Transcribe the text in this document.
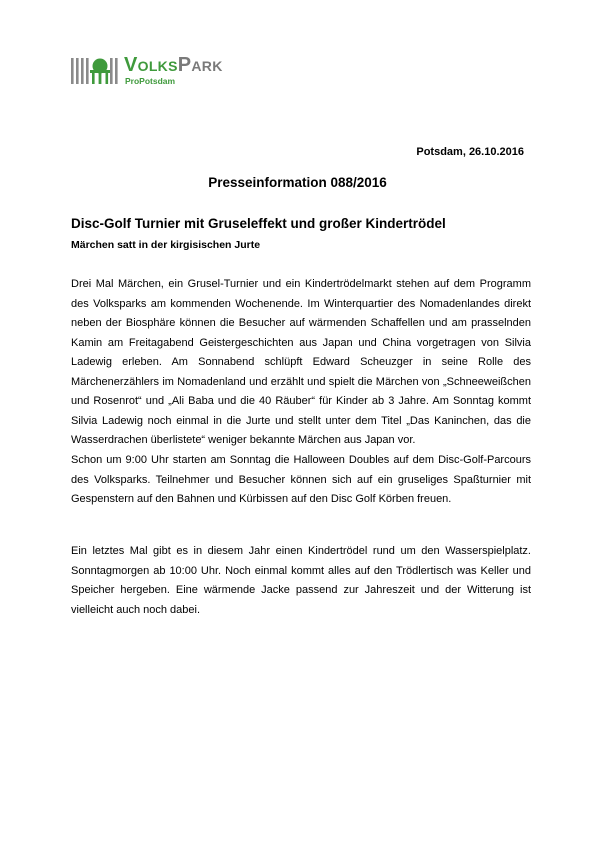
VolksPark
ProPotsdam
Potsdam, 26.10.2016
Presseinformation 088/2016
Disc-Golf Turnier mit Gruseleffekt und großer Kindertrödel
Märchen satt in der kirgisischen Jurte
Drei Mal Märchen, ein Grusel-Turnier und ein Kindertrödelmarkt stehen auf dem Programm des Volksparks am kommenden Wochenende. Im Winterquartier des Nomadenlandes direkt neben der Biosphäre können die Besucher auf wärmenden Schaffellen und am prasselnden Kamin am Freitagabend Geistergeschichten aus Japan und China vorgetragen von Silvia Ladewig erleben. Am Sonnabend schlüpft Edward Scheuzger in seine Rolle des Märchenerzählers im Nomadenland und erzählt und spielt die Märchen von „Schneeweißchen und Rosenrot“ und „Ali Baba und die 40 Räuber“ für Kinder ab 3 Jahre. Am Sonntag kommt Silvia Ladewig noch einmal in die Jurte und stellt unter dem Titel „Das Kaninchen, das die Wasserdrachen überlistete“ weniger bekannte Märchen aus Japan vor.
Schon um 9:00 Uhr starten am Sonntag die Halloween Doubles auf dem Disc-Golf-Parcours des Volksparks. Teilnehmer und Besucher können sich auf ein gruseliges Spaßturnier mit Gespenstern auf den Bahnen und Kürbissen auf den Disc Golf Körben freuen.
Ein letztes Mal gibt es in diesem Jahr einen Kindertrödel rund um den Wasserspielplatz. Sonntagmorgen ab 10:00 Uhr. Noch einmal kommt alles auf den Trödlertisch was Keller und Speicher hergeben. Eine wärmende Jacke passend zur Jahreszeit und der Witterung ist vielleicht auch noch dabei.
